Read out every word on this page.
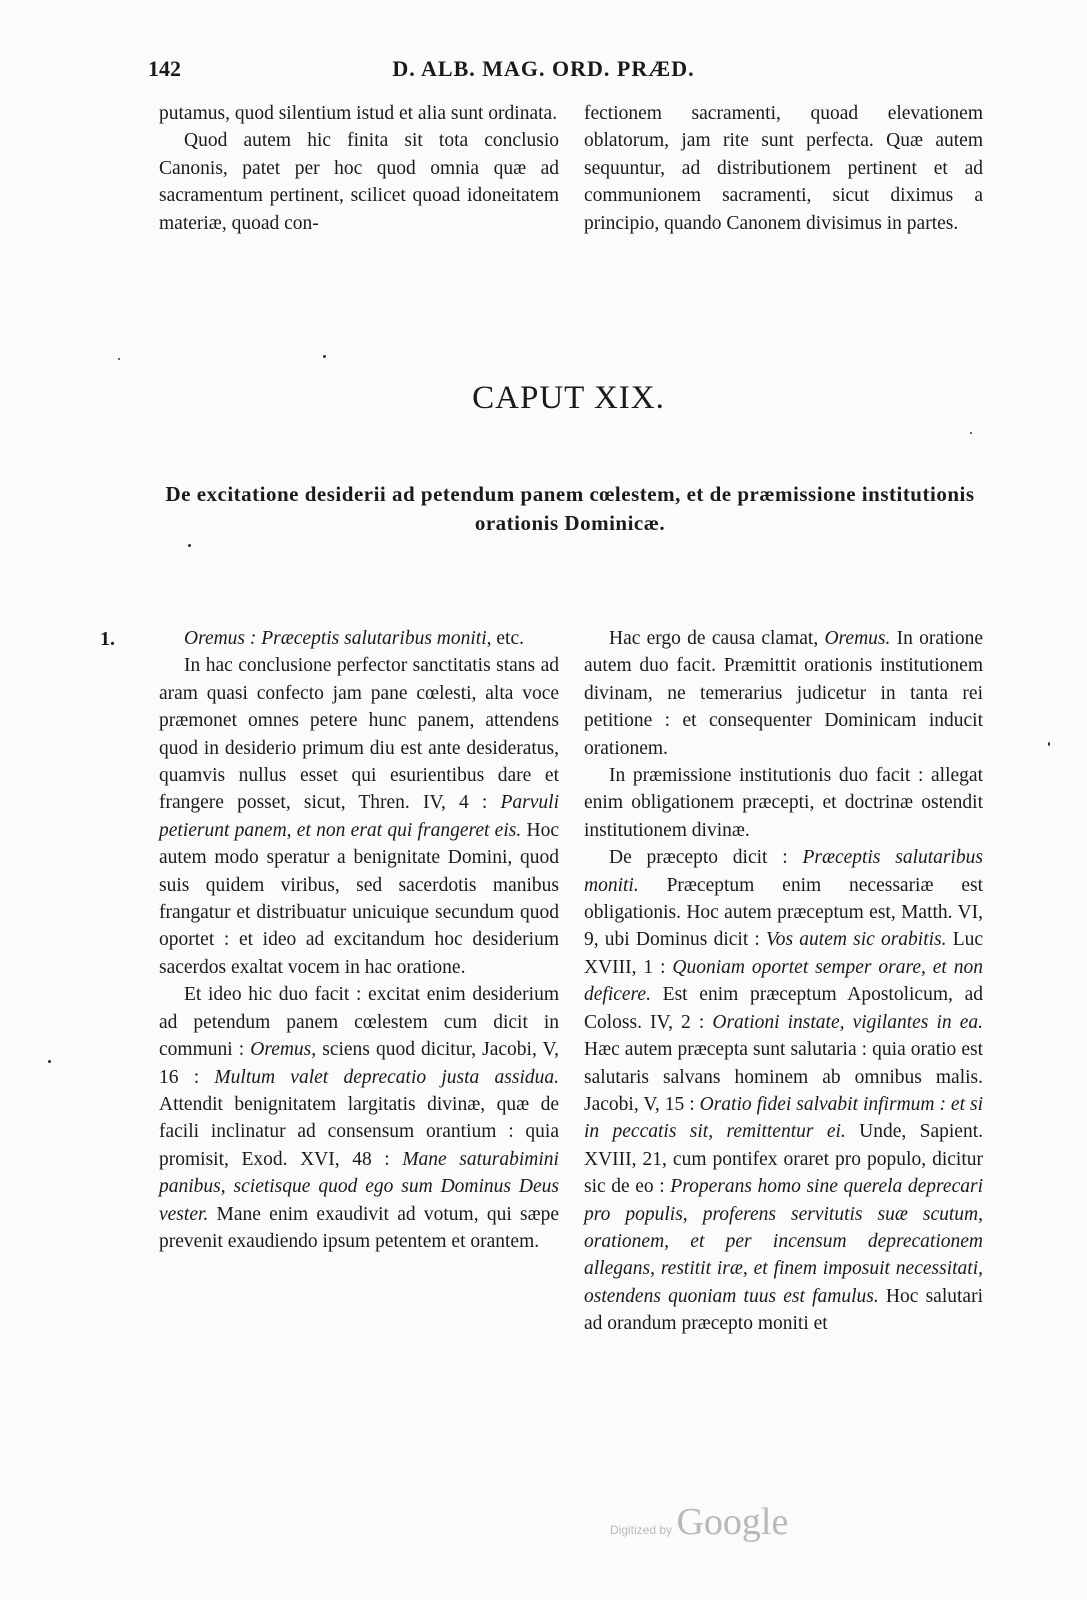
142	D. ALB. MAG. ORD. PRÆD.

putamus, quod silentium istud et alia sunt ordinata.

Quod autem hic finita sit tota conclusio Canonis, patet per hoc quod omnia quæ ad sacramentum pertinent, scilicet quoad idoneitatem materiæ, quoad con-

fectionem sacramenti, quoad elevationem oblatorum, jam rite sunt perfecta. Quæ autem sequuntur, ad distributionem pertinent et ad communionem sacramenti, sicut diximus a principio, quando Canonem divisimus in partes.

CAPUT XIX.
De excitatione desiderii ad petendum panem cœlestem, et de præmissione institutionis orationis Dominicæ.
1.	Oremus : Præceptis salutaribus moniti, etc.

In hac conclusione perfector sanctitatis stans ad aram quasi confecto jam pane cœlesti, alta voce præmonet omnes petere hunc panem, attendens quod in desiderio primum diu est ante desideratus, quamvis nullus esset qui esurientibus dare et frangere posset, sicut, Thren. IV, 4 : Parvuli petierunt panem, et non erat qui frangeret eis. Hoc autem modo speratur a benignitate Domini, quod suis quidem viribus, sed sacerdotis manibus frangatur et distribuatur unicuique secundum quod oportet : et ideo ad excitandum hoc desiderium sacerdos exaltat vocem in hac oratione.

Et ideo hic duo facit : excitat enim desiderium ad petendum panem cœlestem cum dicit in communi : Oremus, sciens quod dicitur, Jacobi, V, 16 : Multum valet deprecatio justa assidua. Attendit benignitatem largitatis divinæ, quæ de facili inclinatur ad consensum orantium : quia promisit, Exod. XVI, 48 : Mane saturabimini panibus, scietisque quod ego sum Dominus Deus vester. Mane enim exaudivit ad votum, qui sæpe prevenit exaudiendo ipsum petentem et orantem.

Hac ergo de causa clamat, Oremus. In oratione autem duo facit. Præmittit orationis institutionem divinam, ne temerarius judicetur in tanta rei petitione : et consequenter Dominicam inducit orationem.

In præmissione institutionis duo facit : allegat enim obligationem præcepti, et doctrinæ ostendit institutionem divinæ.

De præcepto dicit : Præceptis salutaribus moniti. Præceptum enim necessariæ est obligationis. Hoc autem præceptum est, Matth. VI, 9, ubi Dominus dicit : Vos autem sic orabitis. Luc XVIII, 1 : Quoniam oportet semper orare, et non deficere. Est enim præceptum Apostolicum, ad Coloss. IV, 2 : Orationi instate, vigilantes in ea. Hæc autem præcepta sunt salutaria : quia oratio est salutaris salvans hominem ab omnibus malis. Jacobi, V, 15 : Oratio fidei salvabit infirmum : et si in peccatis sit, remittentur ei. Unde, Sapient. XVIII, 21, cum pontifex oraret pro populo, dicitur sic de eo : Properans homo sine querela deprecari pro populis, proferens servitutis suæ scutum, orationem, et per incensum deprecationem allegans, restitit iræ, et finem imposuit necessitati, ostendens quoniam tuus est famulus. Hoc salutari ad orandum præcepto moniti et

Digitized by Google
